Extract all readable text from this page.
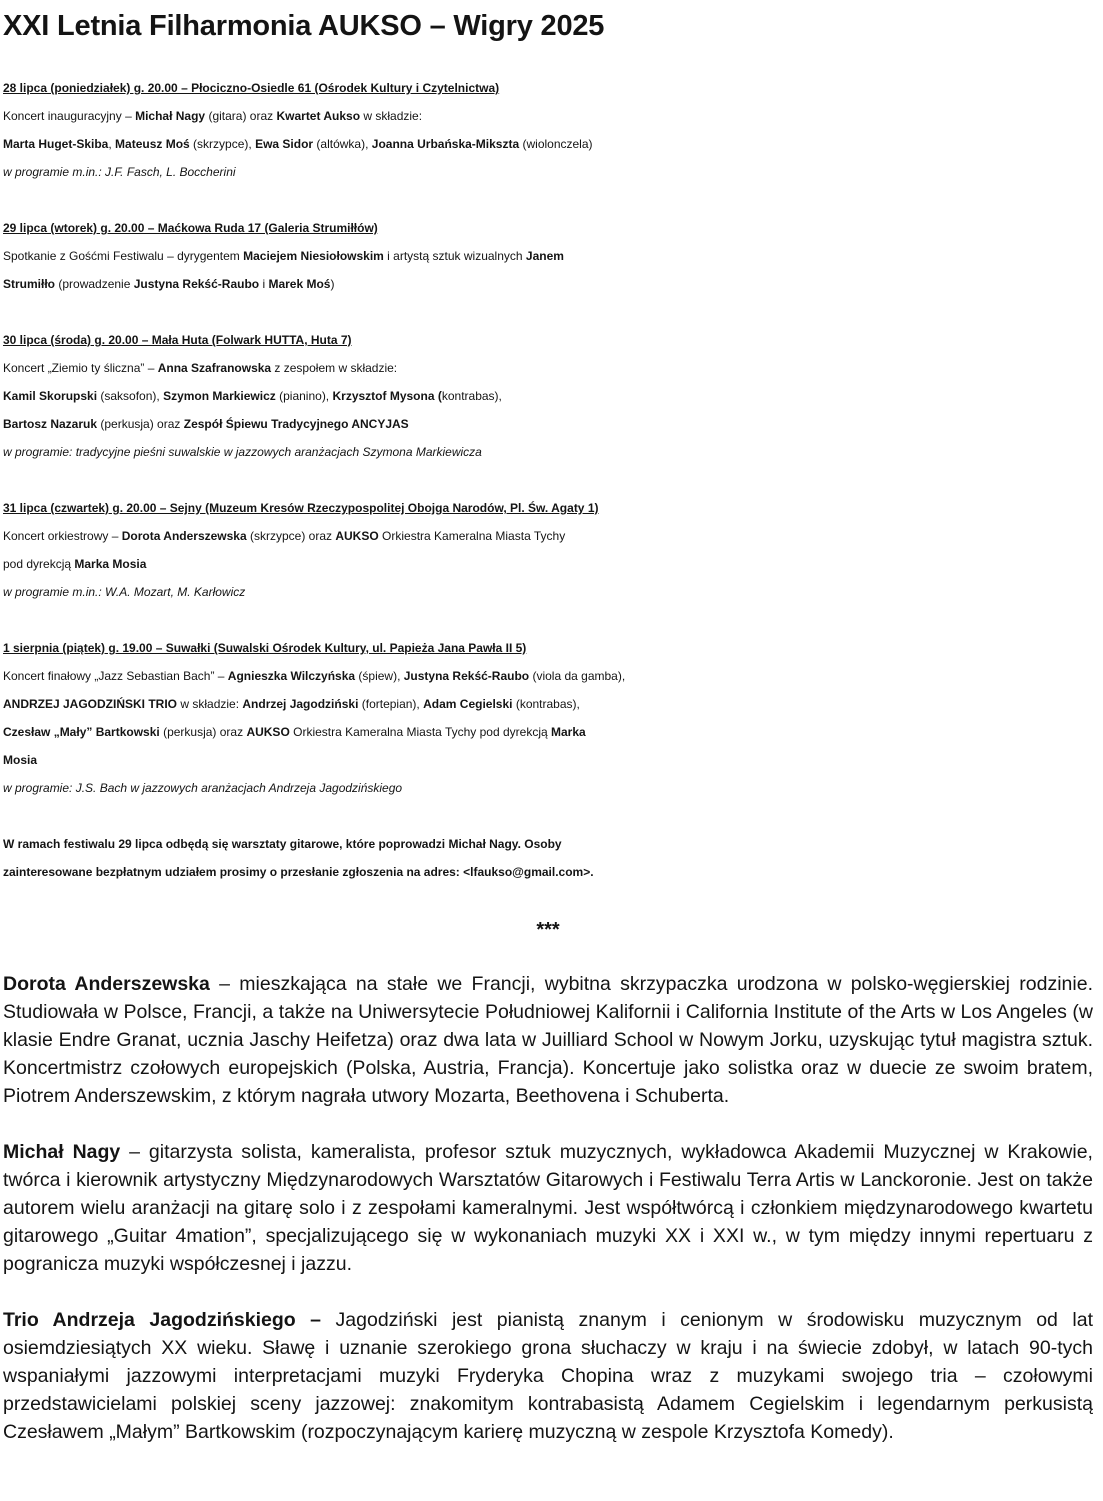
XXI Letnia Filharmonia AUKSO – Wigry 2025
28 lipca (poniedziałek) g. 20.00 – Płociczno-Osiedle 61 (Ośrodek Kultury i Czytelnictwa)
Koncert inauguracyjny – Michał Nagy (gitara) oraz Kwartet Aukso w składzie:
Marta Huget-Skiba, Mateusz Moś (skrzypce), Ewa Sidor (altówka), Joanna Urbańska-Mikszta (wiolonczela)
w programie m.in.: J.F. Fasch, L. Boccherini
29 lipca (wtorek) g. 20.00 – Maćkowa Ruda 17 (Galeria Strumiłłów)
Spotkanie z Gośćmi Festiwalu – dyrygentem Maciejem Niesiołowskim i artystą sztuk wizualnych Janem
Strumiłło (prowadzenie Justyna Rekść-Raubo i Marek Moś)
30 lipca (środa) g. 20.00 – Mała Huta (Folwark HUTTA, Huta 7)
Koncert „Ziemio ty śliczna” – Anna Szafranowska z zespołem w składzie:
Kamil Skorupski (saksofon), Szymon Markiewicz (pianino), Krzysztof Mysona (kontrabas),
Bartosz Nazaruk (perkusja) oraz Zespół Śpiewu Tradycyjnego ANCYJAS
w programie: tradycyjne pieśni suwalskie w jazzowych aranżacjach Szymona Markiewicza
31 lipca (czwartek) g. 20.00 – Sejny (Muzeum Kresów Rzeczypospolitej Obojga Narodów, Pl. Św. Agaty 1)
Koncert orkiestrowy – Dorota Anderszewska (skrzypce) oraz AUKSO Orkiestra Kameralna Miasta Tychy
pod dyrekcją Marka Mosia
w programie m.in.: W.A. Mozart, M. Karłowicz
1 sierpnia (piątek) g. 19.00 – Suwałki (Suwalski Ośrodek Kultury, ul. Papieża Jana Pawła II 5)
Koncert finałowy „Jazz Sebastian Bach” – Agnieszka Wilczyńska (śpiew), Justyna Rekść-Raubo (viola da gamba),
ANDRZEJ JAGODZIŃSKI TRIO w składzie: Andrzej Jagodziński (fortepian), Adam Cegielski (kontrabas),
Czesław „Mały” Bartkowski (perkusja) oraz AUKSO Orkiestra Kameralna Miasta Tychy pod dyrekcją Marka
Mosia
w programie: J.S. Bach w jazzowych aranżacjach Andrzeja Jagodzińskiego
W ramach festiwalu 29 lipca odbędą się warsztaty gitarowe, które poprowadzi Michał Nagy. Osoby
zainteresowane bezpłatnym udziałem prosimy o przesłanie zgłoszenia na adres: <lfaukso@gmail.com>.
***
Dorota Anderszewska – mieszkająca na stałe we Francji, wybitna skrzypaczka urodzona w polsko-węgierskiej rodzinie. Studiowała w Polsce, Francji, a także na Uniwersytecie Południowej Kalifornii i California Institute of the Arts w Los Angeles (w klasie Endre Granat, ucznia Jaschy Heifetza) oraz dwa lata w Juilliard School w Nowym Jorku, uzyskując tytuł magistra sztuk. Koncertmistrz czołowych europejskich (Polska, Austria, Francja). Koncertuje jako solistka oraz w duecie ze swoim bratem, Piotrem Anderszewskim, z którym nagrała utwory Mozarta, Beethovena i Schuberta.
Michał Nagy – gitarzysta solista, kameralista, profesor sztuk muzycznych, wykładowca Akademii Muzycznej w Krakowie, twórca i kierownik artystyczny Międzynarodowych Warsztatów Gitarowych i Festiwalu Terra Artis w Lanckoronie. Jest on także autorem wielu aranżacji na gitarę solo i z zespołami kameralnymi. Jest współtwórcą i członkiem międzynarodowego kwartetu gitarowego „Guitar 4mation”, specjalizującego się w wykonaniach muzyki XX i XXI w., w tym między innymi repertuaru z pogranicza muzyki współczesnej i jazzu.
Trio Andrzeja Jagodzińskiego – Jagodziński jest pianistą znanym i cenionym w środowisku muzycznym od lat osiemdziesiątych XX wieku. Sławę i uznanie szerokiego grona słuchaczy w kraju i na świecie zdobył, w latach 90-tych wspaniałymi jazzowymi interpretacjami muzyki Fryderyka Chopina wraz z muzykami swojego tria – czołowymi przedstawicielami polskiej sceny jazzowej: znakomitym kontrabasistą Adamem Cegielskim i legendarnym perkusistą Czesławem „Małym” Bartkowskim (rozpoczynającym karierę muzyczną w zespole Krzysztofa Komedy).
